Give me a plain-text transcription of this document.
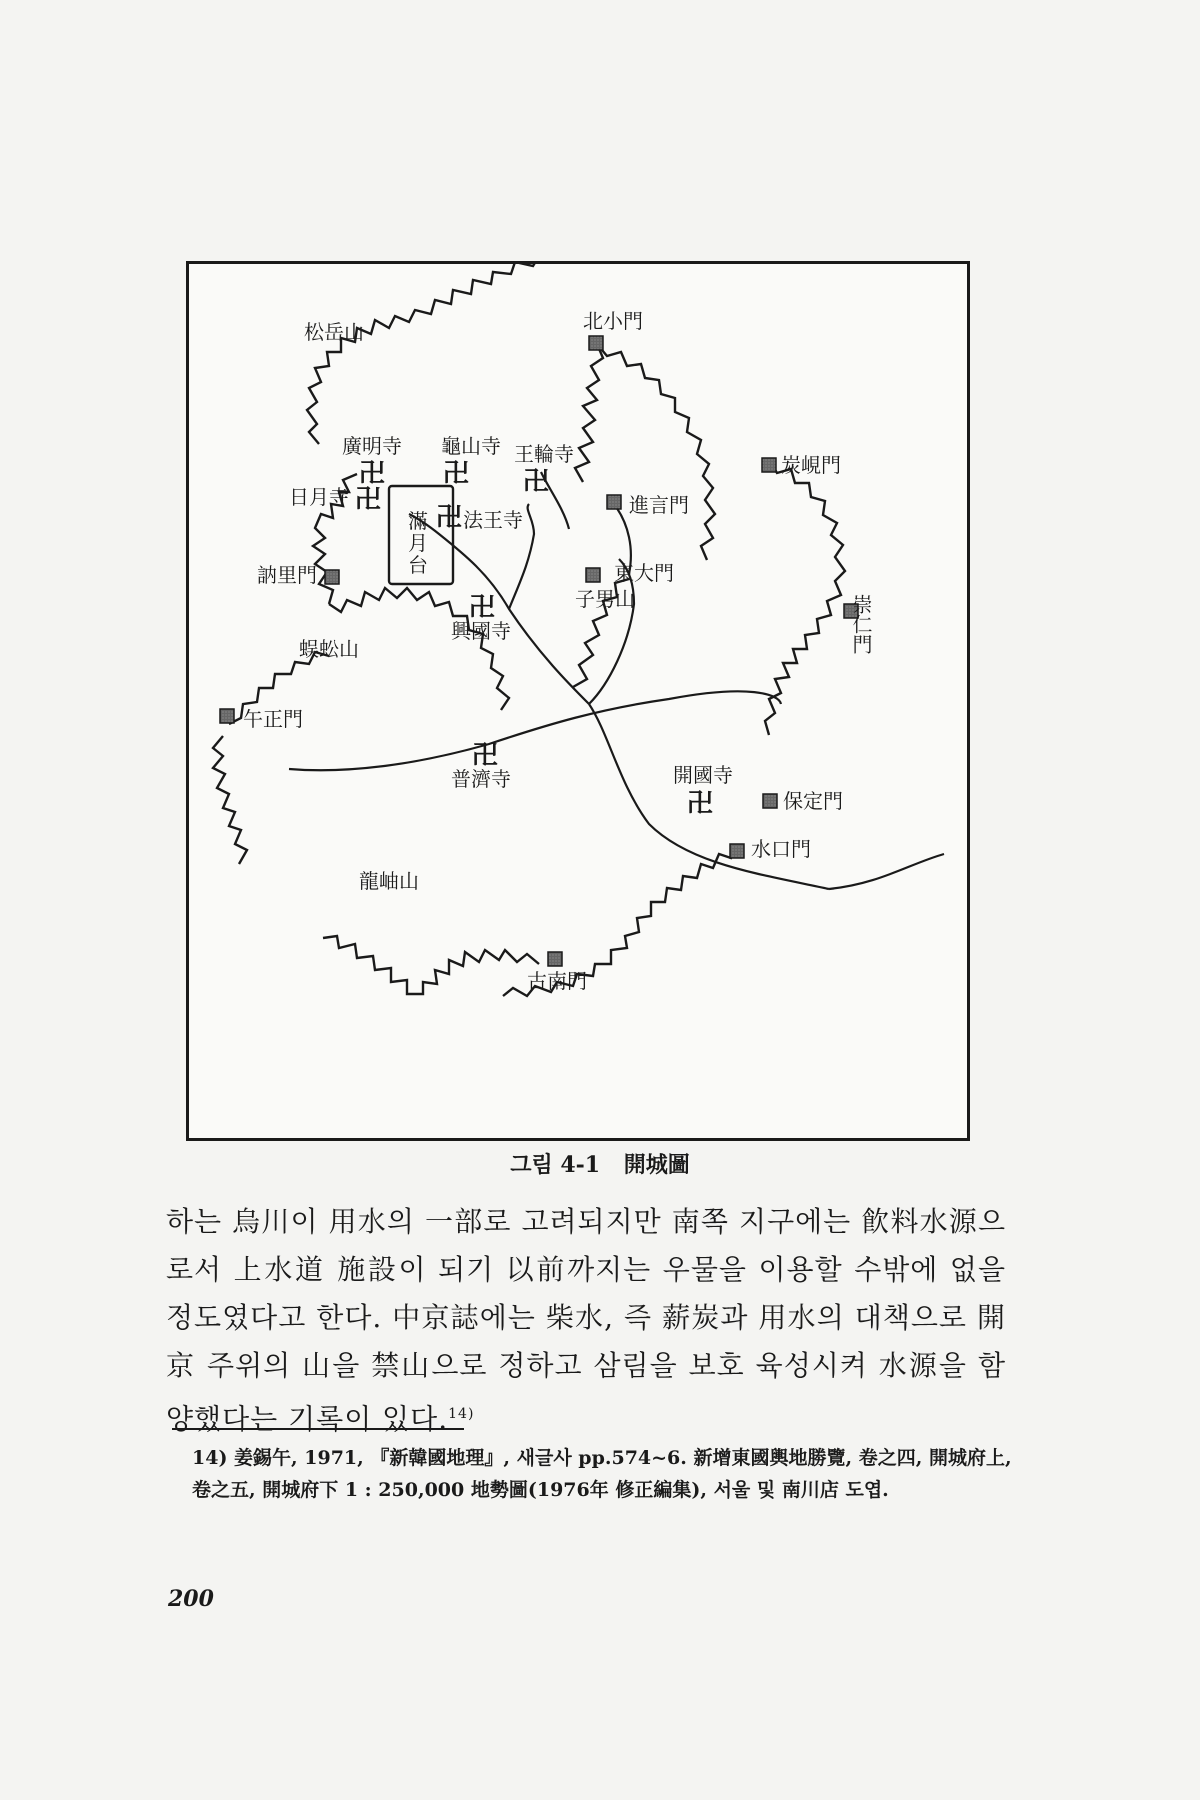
松岳山
蜈蚣山
龍岫山
子男山
北小門
炭峴門
進言門
東大門
崇仁門
訥里門
午正門
保定門
水口門
古南門
廣明寺 龜山寺 王輪寺
日月寺
法王寺
興國寺
普濟寺	開國寺
卍 卍 卍
卍
卍
卍
卍
卍
滿
月
台
그림 4-1 開城圖
하는 烏川이 用水의 一部로 고려되지만 南쪽 지구에는 飮料水源으로서 上水道 施設이 되기 以前까지는 우물을 이용할 수밖에 없을 정도였다고 한다. 中京誌에는 柴水, 즉 薪炭과 用水의 대책으로 開京 주위의 山을 禁山으로 정하고 삼림을 보호 육성시켜 水源을 함양했다는 기록이 있다.$^{14)}$
14) 姜錫午, 1971, 『新韓國地理』, 새글사 pp.574~6. 新增東國輿地勝覽, 卷之四, 開城府上, 卷之五, 開城府下 1 : 250,000 地勢圖(1976年 修正編集), 서울 및 南川店 도엽.
200
